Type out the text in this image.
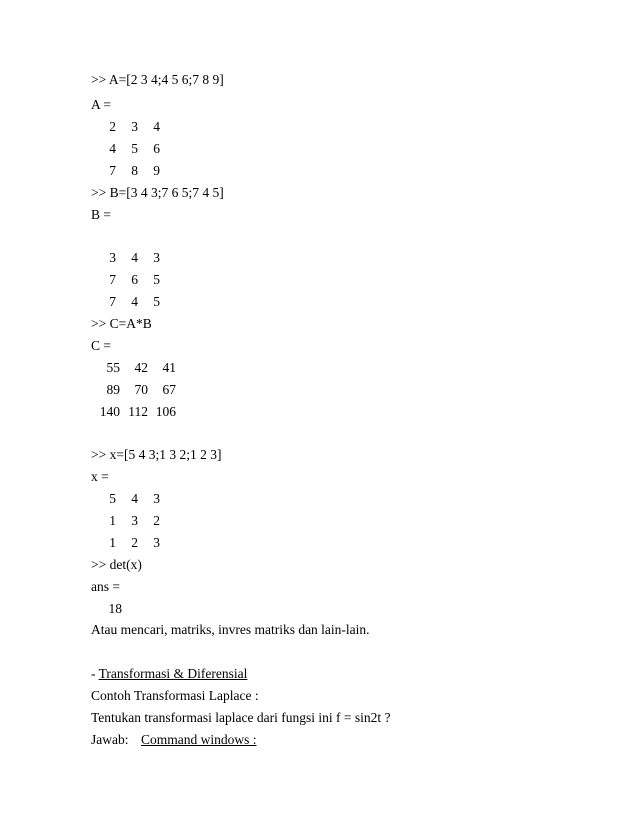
>> A=[2 3 4;4 5 6;7 8 9]
A =
2	3	4
4	5	6
7	8	9
>> B=[3 4 3;7 6 5;7 4 5]
B =
3	4	3
7	6	5
7	4	5
>> C=A*B
C =
55	42	41
89	70	67
140 112 106
>> x=[5 4 3;1 3 2;1 2 3]
x =
5	4	3
1	3	2
1	2	3
>> det(x)
ans =
18
Atau mencari, matriks, invres matriks dan lain-lain.
- Transformasi & Diferensial
Contoh Transformasi Laplace :
Tentukan transformasi laplace dari fungsi ini f = sin2t ?
Jawab: Command windows :
